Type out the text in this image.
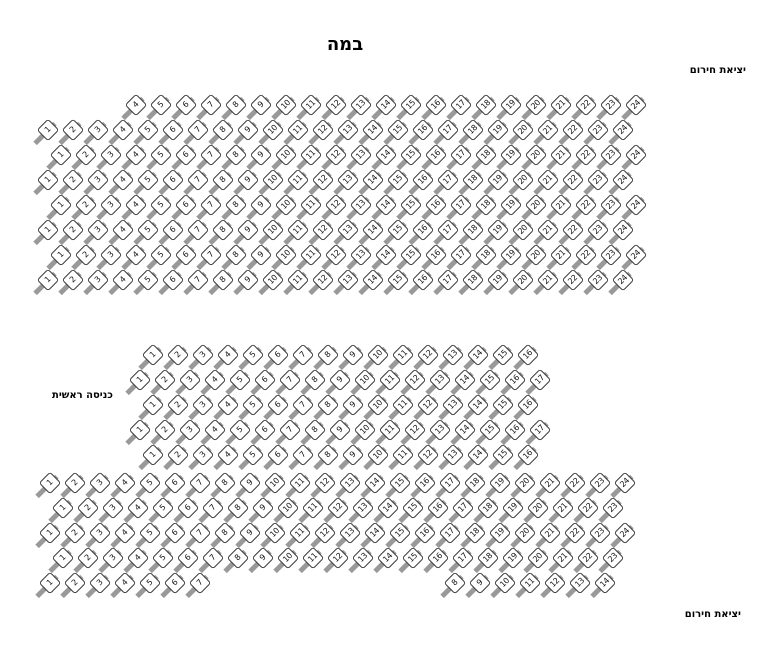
במה
יציאת חירום
כניסה ראשית
יציאת חירום
4	5	6	7	8	9	10	11	12	13	14	15	16	17	18	19	20	21	22	23	24
1	2	3	4	5	6	7	8	9	10	11	12	13	14	15	16	17	18	19	20	21	22	23	24
1	2	3	4	5	6	7	8	9	10	11	12	13	14	15	16	17	18	19	20	21	22	23	24
1	2	3	4	5	6	7	8	9	10	11	12	13	14	15	16	17	18	19	20	21	22	23	24
1	2	3	4	5	6	7	8	9	10	11	12	13	14	15	16	17	18	19	20	21	22	23	24
1	2	3	4	5	6	7	8	9	10	11	12	13	14	15	16	17	18	19	20	21	22	23	24
1	2	3	4	5	6	7	8	9	10	11	12	13	14	15	16	17	18	19	20	21	22	23	24
1	2	3	4	5	6	7	8	9	10	11	12	13	14	15	16	17	18	19	20	21	22	23	24
1	2	3	4	5	6	7	8	9	10	11	12	13	14	15	16
1	2	3	4	5	6	7	8	9	10	11	12	13	14	15	16	17
1	2	3	4	5	6	7	8	9	10	11	12	13	14	15	16
1	2	3	4	5	6	7	8	9	10	11	12	13	14	15	16	17
1	2	3	4	5	6	7	8	9	10	11	12	13	14	15	16
1	2	3	4	5	6	7	8	9	10	11	12	13	14	15	16	17	18	19	20	21	22	23	24
1	2	3	4	5	6	7	8	9	10	11	12	13	14	15	16	17	18	19	20	21	22	23
1	2	3	4	5	6	7	8	9	10	11	12	13	14	15	16	17	18	19	20	21	22	23	24
1	2	3	4	5	6	7	8	9	10	11	12	13	14	15	16	17	18	19	20	21	22	23
1	2	3	4	5	6	7	8	9	10	11	12	13	14
